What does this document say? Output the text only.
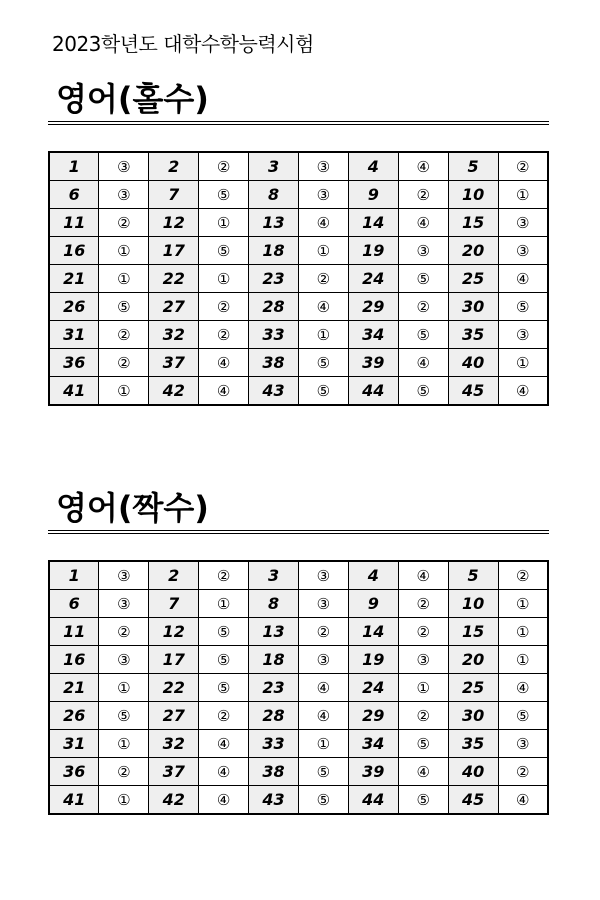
2023학년도 대학수학능력시험
영어(홀수)
1	③	2	②	3	③	4	④	5	②
6	③	7	⑤	8	③	9	②	10	①
11	②	12	①	13	④	14	④	15	③
16	①	17	⑤	18	①	19	③	20	③
21	①	22	①	23	②	24	⑤	25	④
26	⑤	27	②	28	④	29	②	30	⑤
31	②	32	②	33	①	34	⑤	35	③
36	②	37	④	38	⑤	39	④	40	①
41	①	42	④	43	⑤	44	⑤	45	④
영어(짝수)
1	③	2	②	3	③	4	④	5	②
6	③	7	①	8	③	9	②	10	①
11	②	12	⑤	13	②	14	②	15	①
16	③	17	⑤	18	③	19	③	20	①
21	①	22	⑤	23	④	24	①	25	④
26	⑤	27	②	28	④	29	②	30	⑤
31	①	32	④	33	①	34	⑤	35	③
36	②	37	④	38	⑤	39	④	40	②
41	①	42	④	43	⑤	44	⑤	45	④
